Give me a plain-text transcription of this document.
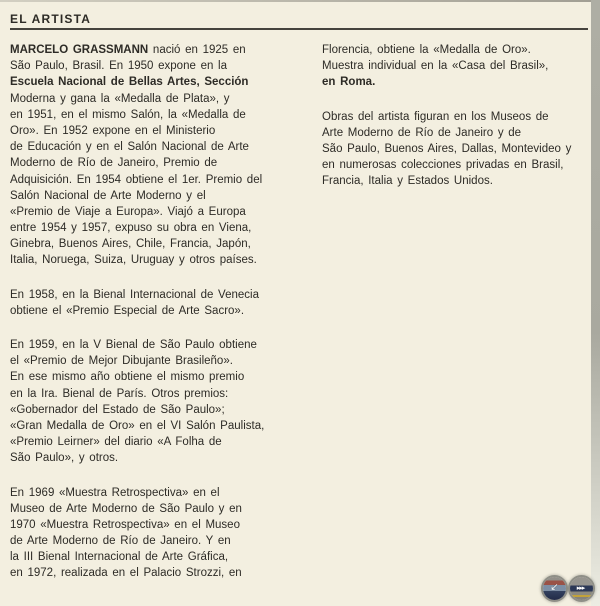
EL ARTISTA
MARCELO GRASSMANN nació en 1925 en
São Paulo, Brasil. En 1950 expone en la
Escuela Nacional de Bellas Artes, Sección
Moderna y gana la «Medalla de Plata», y
en 1951, en el mismo Salón, la «Medalla de
Oro». En 1952 expone en el Ministerio
de Educación y en el Salón Nacional de Arte
Moderno de Río de Janeiro, Premio de
Adquisición. En 1954 obtiene el 1er. Premio del
Salón Nacional de Arte Moderno y el
«Premio de Viaje a Europa». Viajó a Europa
entre 1954 y 1957, expuso su obra en Viena,
Ginebra, Buenos Aires, Chile, Francia, Japón,
Italia, Noruega, Suiza, Uruguay y otros países.
En 1958, en la Bienal Internacional de Venecia
obtiene el «Premio Especial de Arte Sacro».
En 1959, en la V Bienal de São Paulo obtiene
el «Premio de Mejor Dibujante Brasileño».
En ese mismo año obtiene el mismo premio
en la Ira. Bienal de París. Otros premios:
«Gobernador del Estado de São Paulo»;
«Gran Medalla de Oro» en el VI Salón Paulista,
«Premio Leirner» del diario «A Folha de
São Paulo», y otros.
En 1969 «Muestra Retrospectiva» en el
Museo de Arte Moderno de São Paulo y en
1970 «Muestra Retrospectiva» en el Museo
de Arte Moderno de Río de Janeiro. Y en
la III Bienal Internacional de Arte Gráfica,
en 1972, realizada en el Palacio Strozzi, en
Florencia, obtiene la «Medalla de Oro».
Muestra individual en la «Casa del Brasil»,
en Roma.
Obras del artista figuran en los Museos de
Arte Moderno de Río de Janeiro y de
São Paulo, Buenos Aires, Dallas, Montevideo y
en numerosas colecciones privadas en Brasil,
Francia, Italia y Estados Unidos.
↙	▸▸▸
